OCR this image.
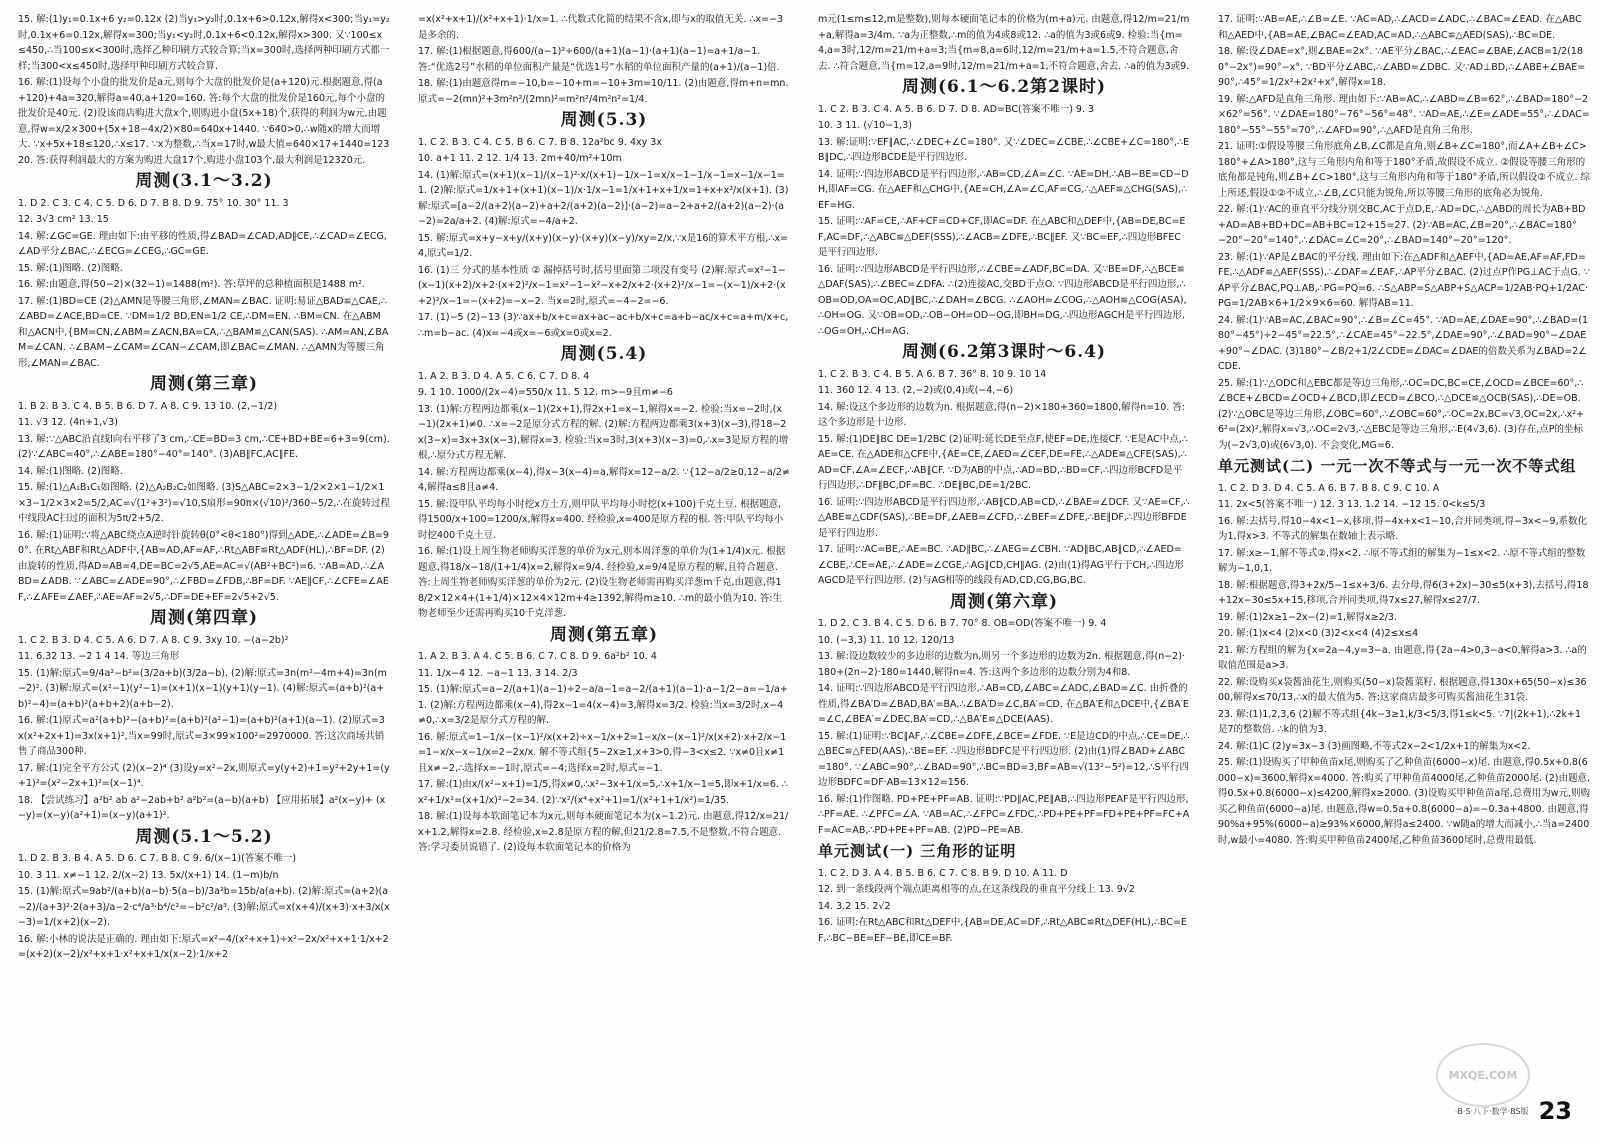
15. 解:(1)y₁=0.1x+6 y₂=0.12x (2)当y₁>y₂时,0.1x+6>0.12x,解得x<300;当y₁=y₂时,0.1x+6=0.12x,解得x=300;当y₁<y₂时,0.1x+6<0.12x,解得x>300. 又∵100≤x≤450,∴当100≤x<300时,选择乙种印刷方式较合算;当x=300时,选择两种印刷方式都一样;当300<x≤450时,选择甲种印刷方式较合算.
16. 解:(1)设每个小盘的批发价是a元,则每个大盘的批发价是(a+120)元.根据题意,得(a+120)+4a=320,解得a=40,a+120=160. 答:每个大盘的批发价是160元,每个小盘的批发价是40元. (2)设该商店购进大盘x个,则购进小盘(5x+18)个,获得的利润为w元,由题意,得w=x/2×300+(5x+18−4x/2)×80=640x+1440. ∵640>0,∴w随x的增大而增大. ∵x+5x+18≤120,∴x≤17. ∵x为整数,∴当x=17时,w最大值=640×17+1440=12320. 答:获得利润最大的方案为购进大盘17个,购进小盘103个,最大利润是12320元.
周测(3.1～3.2)
1. D 2. C 3. C 4. C 5. D 6. D 7. B 8. D 9. 75° 10. 30° 11. 3
12. 3√3 cm² 13. 15
14. 解:∠GC=GE. 理由如下:由平移的性质,得∠BAD=∠CAD,AD∥CE,∴∠CAD=∠ECG,∠AD平分∠BAC,∴∠ECG=∠CEG,∴GC=GE.
15. 解:(1)图略. (2)图略.
16. 解:由题意,得(50−2)×(32−1)=1488(m²). 答:草坪的总种植面积是1488 m².
17. 解:(1)BD=CE (2)△AMN是等腰三角形,∠MAN=∠BAC. 证明:易证△BAD≌△CAE,∴∠ABD=∠ACE,BD=CE. ∵DM=1/2 BD,EN=1/2 CE,∴DM=EN. ∴BM=CN. 在△ABM和△ACN中,{BM=CN,∠ABM=∠ACN,BA=CA,∴△BAM≌△CAN(SAS). ∴AM=AN,∠BAM=∠CAN. ∴∠BAM−∠CAM=∠CAN−∠CAM,即∠BAC=∠MAN. ∴△AMN为等腰三角形,∠MAN=∠BAC.
周测(第三章)
1. B 2. B 3. C 4. B 5. B 6. D 7. A 8. C 9. 13 10. (2,−1/2)
11. √3 12. (4n+1,√3)
13. 解:∵△ABC沿直线l向右平移了3 cm,∴CE=BD=3 cm,∴CE+BD+BE=6+3=9(cm). (2)∵∠ABC=40°,∴∠ABE=180°−40°=140°. (3)AB∥FC,AC∥FE.
14. 解:(1)图略. (2)图略.
15. 解:(1)△A₁B₁C₁如图略. (2)△A₂B₂C₂如图略. (3)S△ABC=2×3−1/2×2×1−1/2×1×3−1/2×3×2=5/2,AC=√(1²+3²)=√10,S扇形=90π×(√10)²/360−5/2,∴在旋转过程中线段AC扫过的面积为5π/2+5/2.
16. 解:(1)证明:∵将△ABC绕点A逆时针旋转θ(0°<θ<180°)得到△ADE,∴∠ADE=∠B=90°. 在Rt△ABF和Rt△ADF中,{AB=AD,AF=AF,∴Rt△ABF≌Rt△ADF(HL),∴BF=DF. (2)由旋转的性质,得AD=AB=4,DE=BC=2√5,AE=AC=√(AB²+BC²)=6. ∵AB=AD,∴∠ABD=∠ADB. ∵∠ABC=∠ADE=90°,∴∠FBD=∠FDB,∴BF=DF. ∵AE∥CF,∴∠CFE=∠AEF,∴∠AFE=∠AEF,∴AE=AF=2√5,∴DF=DE+EF=2√5+2√5.
周测(第四章)
1. C 2. B 3. D 4. C 5. A 6. D 7. A 8. C 9. 3xy 10. −(a−2b)²
11. 6.32 13. −2 1 4 14. 等边三角形
15. (1)解:原式=9/4a²−b²=(3/2a+b)(3/2a−b). (2)解:原式=3n(m²−4m+4)=3n(m−2)². (3)解:原式=(x²−1)(y²−1)=(x+1)(x−1)(y+1)(y−1). (4)解:原式=(a+b)²(a+b)²−4)=(a+b)²(a+b+2)(a+b−2).
16. 解:(1)原式=a²(a+b)²−(a+b)²=(a+b)²(a²−1)=(a+b)²(a+1)(a−1). (2)原式=3x(x²+2x+1)=3x(x+1)²,当x=99时,原式=3×99×100²=2970000. 答:这次商场共销售了商品300种.
17. 解:(1)完全平方公式 (2)(x−2)⁴ (3)设y=x²−2x,则原式=y(y+2)+1=y²+2y+1=(y+1)²=(x²−2x+1)²=(x−1)⁴.
18. 【尝试练习】a²b² ab a²−2ab+b² a²b²=(a−b)(a+b) 【应用拓展】a²(x−y)+ (x−y)=(x−y)(a²+1)=(x−y)(a+1)².
周测(5.1～5.2)
1. D 2. B 3. B 4. A 5. D 6. C 7. B 8. C 9. 6/(x−1)(答案不唯一)
10. 3 11. x≠−1 12. 2/(x−2) 13. 5x/(x+1) 14. (1−m)b/n
15. (1)解:原式=9ab²/(a+b)(a−b)·5(a−b)/3a²b=15b/a(a+b). (2)解:原式=(a+2)(a−2)/(a+3)²·2(a+3)/a−2·c⁴/a³·b⁴/c²=−b²c²/a³. (3)解:原式=x(x+4)/(x+3)·x+3/x(x−3)=1/(x+2)(x−2).
16. 解:小林的说法是正确的. 理由如下:原式=x²−4/(x²+x+1)÷x²−2x/x²+x+1·1/x+2=(x+2)(x−2)/x²+x+1·x²+x+1/x(x−2)·1/x+2
=x(x²+x+1)/(x²+x+1)·1/x=1. ∴代数式化简的结果不含x,即与x的取值无关. ∴x=−3是多余的.
17. 解:(1)根据题意,得600/(a−1)²÷600/(a+1)(a−1)·(a+1)(a−1)=a+1/a−1. 答:“优选2号”水稻的单位面积产量是“优选1号”水稻的单位面积产量的(a+1)/(a−1)倍.
18. 解:(1)由题意得m=−10,b=−10+m=−10+3m=10/11. (2)由题意,得m+n=mn. 原式=−2(mn)²+3m²n²/(2mn)²=m²n²/4m²n²=1/4.
周测(5.3)
1. C 2. B 3. C 4. C 5. B 6. C 7. B 8. 12a²bc 9. 4xy 3x
10. a+1 11. 2 12. 1/4 13. 2m+40/m²+10m
14. (1)解:原式=(x+1)(x−1)/(x−1)²·x/(x+1)−1/x−1=x/x−1−1/x−1=x−1/x−1=1. (2)解:原式=1/x+1+(x+1)(x−1)/x·1/x−1=1/x+1+x+1/x=1+x+x²/x(x+1). (3)解:原式=[a−2/(a+2)(a−2)+a+2/(a+2)(a−2)]·(a−2)=a−2+a+2/(a+2)(a−2)·(a−2)=2a/a+2. (4)解:原式=−4/a+2.
15. 解:原式=x+y−x+y/(x+y)(x−y)·(x+y)(x−y)/xy=2/x,∵x是16的算术平方根,∴x=4,原式=1/2.
16. (1)三 分式的基本性质 ② 漏掉括号时,括号里面第二项没有变号 (2)解:原式=x²−1−(x−1)(x+2)/x+2·(x+2)²/x−1=x²−1−x²−x+2/x+2·(x+2)²/x−1=−(x−1)/x+2·(x+2)²/x−1=−(x+2)=−x−2. 当x=2时,原式=−4−2=−6.
17. (1)−5 (2)−13 (3)∵ax+b/x+c=ax+ac−ac+b/x+c=a+b−ac/x+c=a+m/x+c,∴m=b−ac. (4)x=−4或x=−6或x=0或x=2.
周测(5.4)
1. A 2. B 3. D 4. A 5. C 6. C 7. D 8. 4
9. 1 10. 1000/(2x−4)=550/x 11. 5 12. m>−9且m≠−6
13. (1)解:方程两边都乘(x−1)(2x+1),得2x+1=x−1,解得x=−2. 检验:当x=−2时,(x−1)(2x+1)≠0. ∴x=−2是原分式方程的解. (2)解:方程两边都乘3(x+3)(x−3),得18−2x(3−x)=3x+3x(x−3),解得x=3. 检验:当x=3时,3(x+3)(x−3)=0,∴x=3是原方程的增根,∴原分式方程无解.
14. 解:方程两边都乘(x−4),得x−3(x−4)=a,解得x=12−a/2. ∵{12−a/2≥0,12−a/2≠4,解得a≤8且a≠4.
15. 解:设甲队平均每小时挖x方土方,则甲队平均每小时挖(x+100)千克土豆. 根据题意,得1500/x+100=1200/x,解得x=400. 经检验,x=400是原方程的根. 答:甲队平均每小时挖400千克土豆.
16. 解:(1)设上周生物老师购买洋葱的单价为x元,则本周洋葱的单价为(1+1/4)x元. 根据题意,得18/x−18/(1+1/4)x=2,解得x=9/4. 经检验,x=9/4是原方程的解,且符合题意. 答:上周生物老师购买洋葱的单价为2元. (2)设生物老师需再购买洋葱m千克,由题意,得18/2×12×4+(1+1/4)×12×4×12m+4≥1392,解得m≥10. ∴m的最小值为10. 答:生物老师至少还需再购买10千克洋葱.
周测(第五章)
1. A 2. B 3. A 4. C 5. B 6. C 7. C 8. D 9. 6a²b² 10. 4
11. 1/x−4 12. −a−1 13. 3 14. 2/3
15. (1)解:原式=a−2/(a+1)(a−1)÷2−a/a−1=a−2/(a+1)(a−1)·a−1/2−a=−1/a+1. (2)解:方程两边都乘(x−4),得2x−1=4(x−4)=3,解得x=3/2. 检验:当x=3/2时,x−4≠0,∴x=3/2是原分式方程的解.
16. 解:原式=1−1/x−(x−1)²/x(x+2)÷x−1/x+2=1−x/x−(x−1)²/x(x+2)·x+2/x−1=1−x/x−x−1/x=2−2x/x. 解不等式组{5−2x≥1,x+3>0,得−3<x≤2. ∵x≠0且x≠1且x≠−2,∴选择x=−1时,原式=−4;选择x=2时,原式=−1.
17. 解:(1)由x/(x²−x+1)=1/5,得x≠0,∴x²−3x+1/x=5,∴x+1/x−1=5,即x+1/x=6. ∴x²+1/x²=(x+1/x)²−2=34. (2)∵x²/(x⁴+x²+1)=1/(x²+1+1/x²)=1/35.
18. 解:(1)设每本软面笔记本为x元,则每本硬面笔记本为(x−1.2)元. 由题意,得12/x=21/x+1.2,解得x=2.8. 经检验,x=2.8是原方程的解,但21/2.8=7.5,不是整数,不符合题意. 答:学习委员说错了. (2)设每本软面笔记本的价格为
m元(1≤m≤12,m是整数),则每本硬面笔记本的价格为(m+a)元. 由题意,得12/m=21/m+a,解得a=3/4m. ∵a为正整数,∴m的值为4或8或12. ∴a的值为3或6或9. 检验:当{m=4,a=3时,12/m=21/m+a=3;当{m=8,a=6时,12/m=21/m+a=1.5,不符合题意,舍去. ∴符合题意,当{m=12,a=9时,12/m=21/m+a=1,不符合题意,舍去. ∴a的值为3或9.
周测(6.1～6.2第2课时)
1. C 2. B 3. C 4. A 5. B 6. D 7. D 8. AD=BC(答案不唯一) 9. 3
10. 3 11. (√10−1,3)
13. 解:证明:∵EF∥AC,∴∠DEC+∠C=180°. 又∵∠DEC=∠CBE,∴∠CBE+∠C=180°,∴EB∥DC,∴四边形BCDE是平行四边形.
14. 证明:∵四边形ABCD是平行四边形,∴AB=CD,∠A=∠C. ∵AE=DH,∴AB−BE=CD−DH,即AF=CG. 在△AEF和△CHG中,{AE=CH,∠A=∠C,AF=CG,∴△AEF≌△CHG(SAS),∴EF=HG.
15. 证明:∵AF=CE,∴AF+CF=CD+CF,即AC=DF. 在△ABC和△DEF中,{AB=DE,BC=EF,AC=DF,∴△ABC≌△DEF(SSS),∴∠ACB=∠DFE,∴BC∥EF. 又∵BC=EF,∴四边形BFEC是平行四边形.
16. 证明:∵四边形ABCD是平行四边形,∴∠CBE=∠ADF,BC=DA. 又∵BE=DF,∴△BCE≌△DAF(SAS),∴∠BEC=∠DFA. ∴(2)连接AC,交BD于点O. ∵四边形ABCD是平行四边形,∴OB=OD,OA=OC,AD∥BC,∴∠DAH=∠BCG. ∴∠AOH=∠COG,∴△AOH≌△COG(ASA),∴OH=OG. 又∵OB=OD,∴OB−OH=OD−OG,即BH=DG,∴四边形AGCH是平行四边形,∴OG=OH,∴CH=AG.
周测(6.2第3课时～6.4)
1. C 2. B 3. C 4. B 5. A 6. B 7. 36° 8. 10 9. 10 14
11. 360 12. 4 13. (2,−2)或(0,4)或(−4,−6)
14. 解:设这个多边形的边数为n. 根据题意,得(n−2)×180+360=1800,解得n=10. 答:这个多边形是十边形.
15. 解:(1)DE∥BC DE=1/2BC (2)证明:延长DE至点F,使EF=DE,连接CF. ∵E是AC中点,∴AE=CE. 在△ADE和△CFE中,{AE=CE,∠AED=∠CEF,DE=FE,∴△ADE≌△CFE(SAS),∴AD=CF,∠A=∠ECF,∴AB∥CF. ∵D为AB的中点,∴AD=BD,∴BD=CF,∴四边形BCFD是平行四边形,∴DF∥BC,DF=BC. ∴DE∥BC,DE=1/2BC.
16. 证明:∵四边形ABCD是平行四边形,∴AB∥CD,AB=CD,∴∠BAE=∠DCF. 又∵AE=CF,∴△ABE≌△CDF(SAS),∴BE=DF,∠AEB=∠CFD,∴∠BEF=∠DFE,∴BE∥DF,∴四边形BFDE是平行四边形.
17. 证明:∵AC=BE,∴AE=BC. ∴AD∥BC,∴∠AEG=∠CBH. ∵AD∥BC,AB∥CD,∴∠AED=∠CBE,∴CE=AE,∴∠ADE=∠CGE,∴AG∥CD,CH∥AG. (2)由(1)得AG平行于CH,∴四边形AGCD是平行四边形. (2)与AG相等的线段有AD,CD,CG,BG,BC.
周测(第六章)
1. D 2. C 3. B 4. C 5. D 6. B 7. 70° 8. OB=OD(答案不唯一) 9. 4
10. (−3,3) 11. 10 12. 120/13
13. 解:设边数较少的多边形的边数为n,则另一个多边形的边数为2n. 根据题意,得(n−2)·180+(2n−2)·180=1440,解得n=4. 答:这两个多边形的边数分别为4和8.
14. 证明:∵四边形ABCD是平行四边形,∴AB=CD,∠ABC=∠ADC,∠BAD=∠C. 由折叠的性质,得∠BA′D=∠BAD,BA′=BA,∴∠BA′D=∠C,BA′=CD. 在△BA′E和△DCE中,{∠BA′E=∠C,∠BEA′=∠DEC,BA′=CD,∴△BA′E≌△DCE(AAS).
15. 解:(1)证明:∵BC∥AF,∴∠CBE=∠DFE,∠BCE=∠FDE. ∵E是边CD的中点,∴CE=DE,∴△BEC≌△FED(AAS),∴BE=EF. ∴四边形BDFC是平行四边形. (2)由(1)得∠BAD+∠ABC=180°. ∵∠ABC=90°,∴∠BAD=90°,∴BC=BD=3,BF=AB=√(13²−5²)=12,∴S平行四边形BDFC=DF·AB=13×12=156.
16. 解:(1)作图略. PD+PE+PF=AB. 证明:∵PD∥AC,PE∥AB,∴四边形PEAF是平行四边形,∴PF=AE. ∴∠PFC=∠A. ∵AB=AC,∴∠FPC=∠FDC,∴PD+PE+PF=FD+PE+PF=FC+AF=AC=AB,∴PD+PE+PF=AB. (2)PD−PE=AB.
单元测试(一) 三角形的证明
1. C 2. D 3. A 4. B 5. B 6. C 7. C 8. B 9. D 10. A 11. D
12. 到一条线段两个端点距离相等的点,在这条线段的垂直平分线上 13. 9√2
14. 3.2 15. 2√2
16. 证明:在Rt△ABC和Rt△DEF中,{AB=DE,AC=DF,∴Rt△ABC≌Rt△DEF(HL),∴BC=EF,∴BC−BE=EF−BE,即CE=BF.
17. 证明:∵AB=AE,∴∠B=∠E. ∵AC=AD,∴∠ACD=∠ADC,∴∠BAC=∠EAD. 在△ABC和△AED中,{AB=AE,∠BAC=∠EAD,AC=AD,∴△ABC≌△AED(SAS),∴BC=DE.
18. 解:设∠DAE=x°,则∠BAE=2x°. ∵AE平分∠BAC,∴∠EAC=∠BAE,∠ACB=1/2(180°−2x°)=90°−x°. ∵BD平分∠ABC,∴∠ABD=∠DBC. 又∵AD⊥BD,∴∠ABE+∠BAE=90°,∴45°=1/2x²+2x²+x°,解得x=18.
19. 解:△AFD是直角三角形. 理由如下:∵AB=AC,∴∠ABD=∠B=62°,∴∠BAD=180°−2×62°=56°. ∵∠DAE=180°−76°−56°=48°. ∵AD=AE,∴∠E=∠ADE=55°,∴∠DAC=180°−55°−55°=70°,∴∠AFD=90°,∴△AFD是直角三角形.
21. 证明:①假设等腰三角形底角∠B,∠C都是直角,则∠B+∠C=180°,而∠A+∠B+∠C>180°+∠A>180°,这与三角形内角和等于180°矛盾,故假设不成立. ②假设等腰三角形的底角都是钝角,则∠B+∠C>180°,这与三角形内角和等于180°矛盾,所以假设②不成立. 综上所述,假设①②不成立,∴∠B,∠C只能为锐角,所以等腰三角形的底角必为锐角.
22. 解:(1)∵AC的垂直平分线分别交BC,AC于点D,E,∴AD=DC,∴△ABD的周长为AB+BD+AD=AB+BD+DC=AB+BC=12+15=27. (2)∵AB=AC,∠B=20°,∴∠BAC=180°−20°−20°=140°,∴∠DAC=∠C=20°,∴∠BAD=140°−20°=120°.
23. 解:(1)∵AP是∠BAC的平分线. 理由如下:在△ADF和△AEF中,{AD=AE,AF=AF,FD=FE,∴△ADF≌△AEF(SSS),∴∠DAF=∠EAF,∴AP平分∠BAC. (2)过点P作PG⊥AC于点G. ∵AP平分∠BAC,PQ⊥AB,∴PG=PQ=6. ∴S△ABP=S△ABP+S△ACP=1/2AB·PQ+1/2AC·PG=1/2AB×6+1/2×9×6=60. 解得AB=11.
24. 解:(1)∵AB=AC,∠BAC=90°,∴∠B=∠C=45°. ∵AD=AE,∠DAE=90°,∴∠BAD=(180°−45°)÷2−45°=22.5°,∴∠CAE=45°−22.5°,∠DAE=90°,∴∠BAD=90°−∠DAE+90°−∠DAC. (3)180°−∠B/2+1/2∠CDE=∠DAC=∠DAE的倍数关系为∠BAD=2∠CDE.
25. 解:(1)∵△ODC和△EBC都是等边三角形,∴OC=DC,BC=CE,∠OCD=∠BCE=60°,∴∠BCE+∠BCD=∠OCD+∠BCD,即∠ECD=∠BCO,∴△DCE≌△OCB(SAS),∴DE=OB. (2)∵△OBC是等边三角形,∠OBC=60°,∴∠OBC=60°,∴OC=2x,BC=√3,OC=2x,∴x²+6²=(2x)²,解得x=√3,∴OC=2√3,∴△EBC是等边三角形,∴E(4√3,6). (3)存在,点P的坐标为(−2√3,0)或(6√3,0). 不会变化,MG=6.
单元测试(二) 一元一次不等式与一元一次不等式组
1. C 2. D 3. D 4. C 5. A 6. B 7. B 8. C 9. C 10. A
11. 2x<5(答案不唯一) 12. 3 13. 1.2 14. −12 15. 0<k≤5/3
16. 解:去括号,得10−4x<1−x,移项,得−4x+x<1−10,合并同类项,得−3x<−9,系数化为1,得x>3. 不等式的解集在数轴上表示略.
17. 解:x≥−1,解不等式②,得x<2. ∴原不等式组的解集为−1≤x<2. ∴原不等式组的整数解为−1,0,1.
18. 解:根据题意,得3+2x/5−1≤x+3/6. 去分母,得6(3+2x)−30≤5(x+3),去括号,得18+12x−30≤5x+15,移项,合并同类项,得7x≤27,解得x≤27/7.
19. 解:(1)2x≥1−2x−(2)=1,解得x≥2/3.
20. 解:(1)x<4 (2)x<0 (3)2<x<4 (4)2≤x≤4
21. 解:方程组的解为{x=2a−4,y=3−a. 由题意,得{2a−4>0,3−a<0,解得a>3. ∴a的取值范围是a>3.
22. 解:设购买x袋酱油花生,则购买(50−x)袋酱菜籽. 根据题意,得130x+65(50−x)≤3600,解得x≤70/13,∴x的最大值为5. 答:这家商店最多可购买酱油花生31袋.
23. 解:(1)1,2,3,6 (2)解不等式组{4k−3≥1,k/3<5/3,得1≤k<5. ∵7|(2k+1),∴2k+1是7的整数倍. ∴k的值为3.
24. 解:(1)C (2)y=3x−3 (3)画图略,不等式2x−2<1/2x+1的解集为x<2.
25. 解:(1)设购买了甲种鱼苗x尾,则购买了乙种鱼苗(6000−x)尾. 由题意,得0.5x+0.8(6000−x)=3600,解得x=4000. 答:购买了甲种鱼苗4000尾,乙种鱼苗2000尾. (2)由题意,得0.5x+0.8(6000−x)≤4200,解得x≥2000. (3)设购买甲种鱼苗a尾,总费用为w元,则购买乙种鱼苗(6000−a)尾. 由题意,得w=0.5a+0.8(6000−a)=−0.3a+4800. 由题意,得90%a+95%(6000−a)≥93%×6000,解得a≤2400. ∵w随a的增大而减小,∴当a=2400时,w最小=4080. 答:购买甲种鱼苗2400尾,乙种鱼苗3600尾时,总费用最低.
·B·S·八下·数学·BS版 23
MXQE.COM
